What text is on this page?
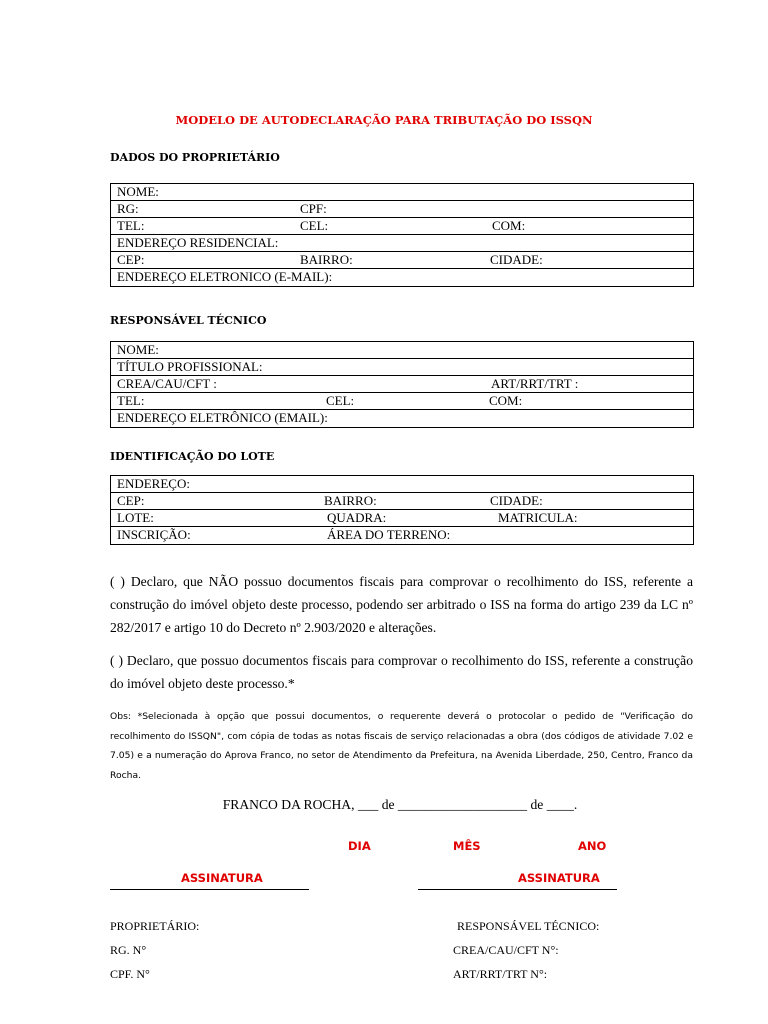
MODELO DE AUTODECLARAÇÃO PARA TRIBUTAÇÃO DO ISSQN
DADOS DO PROPRIETÁRIO
NOME:
RG:	CPF:
TEL:	CEL:	COM:
ENDEREÇO RESIDENCIAL:
CEP:	BAIRRO:	CIDADE:
ENDEREÇO ELETRONICO (E-MAIL):
RESPONSÁVEL TÉCNICO
NOME:
TÍTULO PROFISSIONAL:
CREA/CAU/CFT :	ART/RRT/TRT :
TEL:	CEL:	COM:
ENDEREÇO ELETRÔNICO (EMAIL):
IDENTIFICAÇÃO DO LOTE
ENDEREÇO:
CEP:	BAIRRO:	CIDADE:
LOTE:	QUADRA:	MATRICULA:
INSCRIÇÃO:	ÁREA DO TERRENO:
( ) Declaro, que NÃO possuo documentos fiscais para comprovar o recolhimento do ISS, referente a construção do imóvel objeto deste processo, podendo ser arbitrado o ISS na forma do artigo 239 da LC nº 282/2017 e artigo 10 do Decreto nº 2.903/2020 e alterações.
( ) Declaro, que possuo documentos fiscais para comprovar o recolhimento do ISS, referente a construção do imóvel objeto deste processo.*
Obs: *Selecionada à opção que possui documentos, o requerente deverá o protocolar o pedido de "Verificação do recolhimento do ISSQN", com cópia de todas as notas fiscais de serviço relacionadas a obra (dos códigos de atividade 7.02 e 7.05) e a numeração do Aprova Franco, no setor de Atendimento da Prefeitura, na Avenida Liberdade, 250, Centro, Franco da Rocha.
FRANCO DA ROCHA, ___ de ___________________ de ____.
DIA	MÊS	ANO
ASSINATURA	ASSINATURA
PROPRIETÁRIO:
RG. N°
CPF. N°
RESPONSÁVEL TÉCNICO:
CREA/CAU/CFT N°:
ART/RRT/TRT N°:
